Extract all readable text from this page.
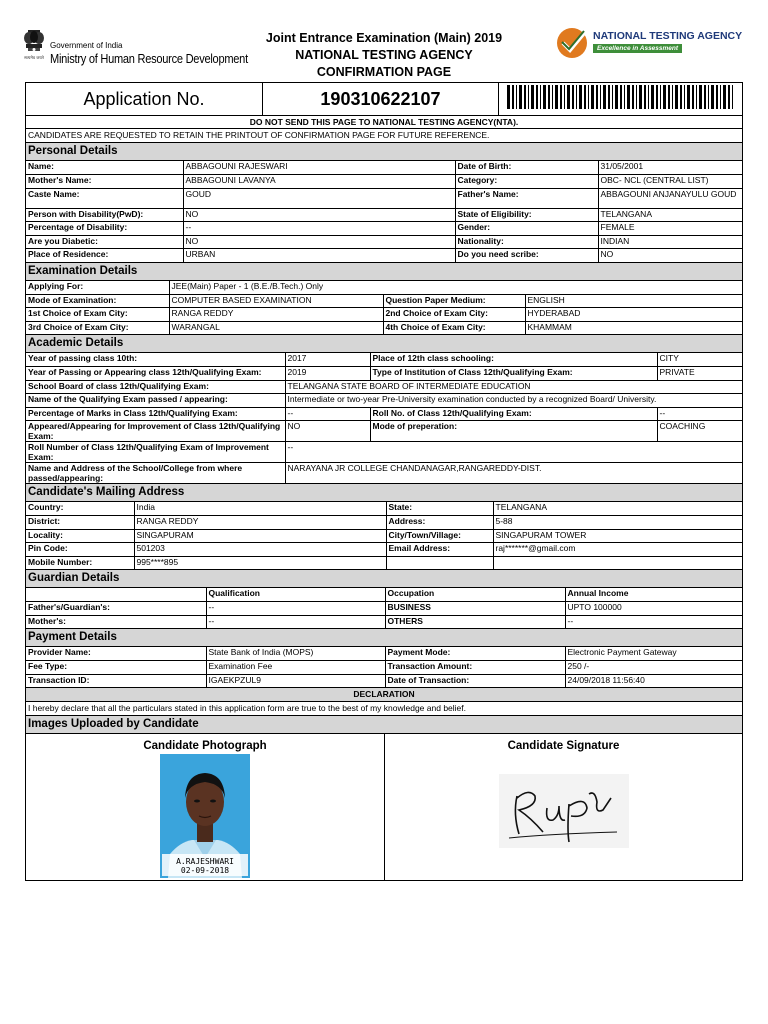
सत्यमेव जयते
Government of India
Ministry of Human Resource Development
Joint Entrance Examination (Main) 2019
NATIONAL TESTING AGENCY
CONFIRMATION PAGE
NATIONAL TESTING AGENCY
Excellence in Assessment
Application No.	190310622107
DO NOT SEND THIS PAGE TO NATIONAL TESTING AGENCY(NTA).
CANDIDATES ARE REQUESTED TO RETAIN THE PRINTOUT OF CONFIRMATION PAGE FOR FUTURE REFERENCE.
Personal Details
Name:	ABBAGOUNI RAJESWARI	Date of Birth:	31/05/2001
Mother's Name:	ABBAGOUNI LAVANYA	Category:	OBC- NCL (CENTRAL LIST)
Caste Name:	GOUD	Father's Name:	ABBAGOUNI ANJANAYULU GOUD
Person with Disability(PwD):	NO	State of Eligibility:	TELANGANA
Percentage of Disability:	--	Gender:	FEMALE
Are you Diabetic:	NO	Nationality:	INDIAN
Place of Residence:	URBAN	Do you need scribe:	NO
Examination Details
Applying For:	JEE(Main) Paper - 1 (B.E./B.Tech.) Only		
Mode of Examination:	COMPUTER BASED EXAMINATION	Question Paper Medium:	ENGLISH
1st Choice of Exam City:	RANGA REDDY	2nd Choice of Exam City:	HYDERABAD
3rd Choice of Exam City:	WARANGAL	4th Choice of Exam City:	KHAMMAM
Academic Details
Year of passing class 10th:	2017	Place of 12th class schooling:	CITY
Year of Passing or Appearing class 12th/Qualifying Exam:	2019	Type of Institution of Class 12th/Qualifying Exam:	PRIVATE
School Board of class 12th/Qualifying Exam:	TELANGANA STATE BOARD OF INTERMEDIATE EDUCATION		
Name of the Qualifying Exam passed / appearing:	Intermediate or two-year Pre-University examination conducted by a recognized Board/ University.		
Percentage of Marks in Class 12th/Qualifying Exam:	--	Roll No. of Class 12th/Qualifying Exam:	--
Appeared/Appearing for Improvement of Class 12th/Qualifying Exam:	NO	Mode of preperation:	COACHING
Roll Number of Class 12th/Qualifying Exam of Improvement Exam:	--		
Name and Address of the School/College from where passed/appearing:	NARAYANA JR COLLEGE CHANDANAGAR,RANGAREDDY-DIST.		
Candidate's Mailing Address
Country:	India	State:	TELANGANA
District:	RANGA REDDY	Address:	5-88
Locality:	SINGAPURAM	City/Town/Village:	SINGAPURAM TOWER
Pin Code:	501203	Email Address:	raj*******@gmail.com
Mobile Number:	995****895		
Guardian Details
	Qualification	Occupation	Annual Income
Father's/Guardian's:	--	BUSINESS	UPTO 100000
Mother's:	--	OTHERS	--
Payment Details
Provider Name:	State Bank of India (MOPS)	Payment Mode:	Electronic Payment Gateway
Fee Type:	Examination Fee	Transaction Amount:	250 /-
Transaction ID:	IGAEKPZUL9	Date of Transaction:	24/09/2018 11:56:40
DECLARATION
I hereby declare that all the particulars stated in this application form are true to the best of my knowledge and belief.
Images Uploaded by Candidate
Candidate Photograph
A.RAJESHWARI
02-09-2018
Candidate Signature
